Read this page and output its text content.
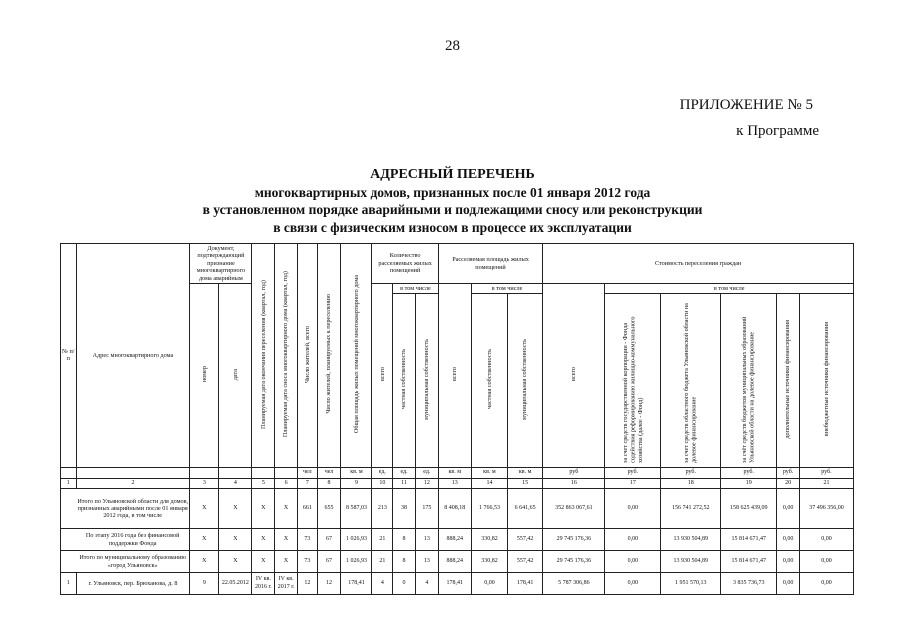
28
ПРИЛОЖЕНИЕ № 5
к Программе
АДРЕСНЫЙ ПЕРЕЧЕНЬ
многоквартирных домов, признанных после 01 января 2012 года
в установленном порядке аварийными и подлежащими сносу или реконструкции
в связи с физическим износом в процессе их эксплуатации
№ п/п	Адрес многоквартирного дома	Документ, подтверждающий признание многоквартирного дома аварийным		Планируемая дата окончания переселения (квартал, год)	Планируемая дата сноса многоквартирного дома (квартал, год)	Число жителей, всего	Число жителей, планируемых к переселению	Общая площадь жилых помещений многоквартирного дома	Количество расселяемых жилых помещений			Расселяемая площадь жилых помещений			Стоимость переселения граждан					
		номер	дата						всего	в том числе		всего	в том числе		всего	в том числе				
										частная собственность	муниципальная собственность		частная собственность	муниципальная собственность		за счет средств государственной корпорации - Фонда содействия реформированию жилищно-коммунального хозяйства (далее - Фонд)	за счет средств областного бюджета Ульяновской области на долевое финансирование	за счёт средств бюджетов муниципальных образований Ульяновской области на долевое финансирование	дополнительные источники финансирования	внебюджетные источники финансирования
						чел	чел	кв. м	ед.	ед.	ед.	кв. м	кв. м	кв. м	руб	руб.	руб.	руб.	руб.	руб.
1	2	3	4	5	6	7	8	9	10	11	12	13	14	15	16	17	18	19	20	21
	Итого по Ульяновской области для домов, признанных аварийными после 01 января 2012 года, в том числе	X	X	X	X	661	655	8 587,03	213	38	175	8 408,18	1 766,53	6 641,65	352 863 067,61	0,00	156 741 272,52	158 625 439,09	0,00	37 496 356,00
	По этапу 2016 года без финансовой поддержки Фонда	X	X	X	X	73	67	1 026,93	21	8	13	888,24	330,82	557,42	29 745 176,36	0,00	13 930 504,89	15 814 671,47	0,00	0,00
	Итого по муниципальному образованию «город Ульяновск»	X	X	X	X	73	67	1 026,93	21	8	13	888,24	330,82	557,42	29 745 176,36	0,00	13 930 504,89	15 814 671,47	0,00	0,00
1	г. Ульяновск, пер. Брюханова, д. 8	9	22.05.2012	IV кв. 2016 г.	IV кв. 2017 г.	12	12	178,41	4	0	4	178,41	0,00	178,41	5 787 306,86	0,00	1 951 570,13	3 835 736,73	0,00	0,00
